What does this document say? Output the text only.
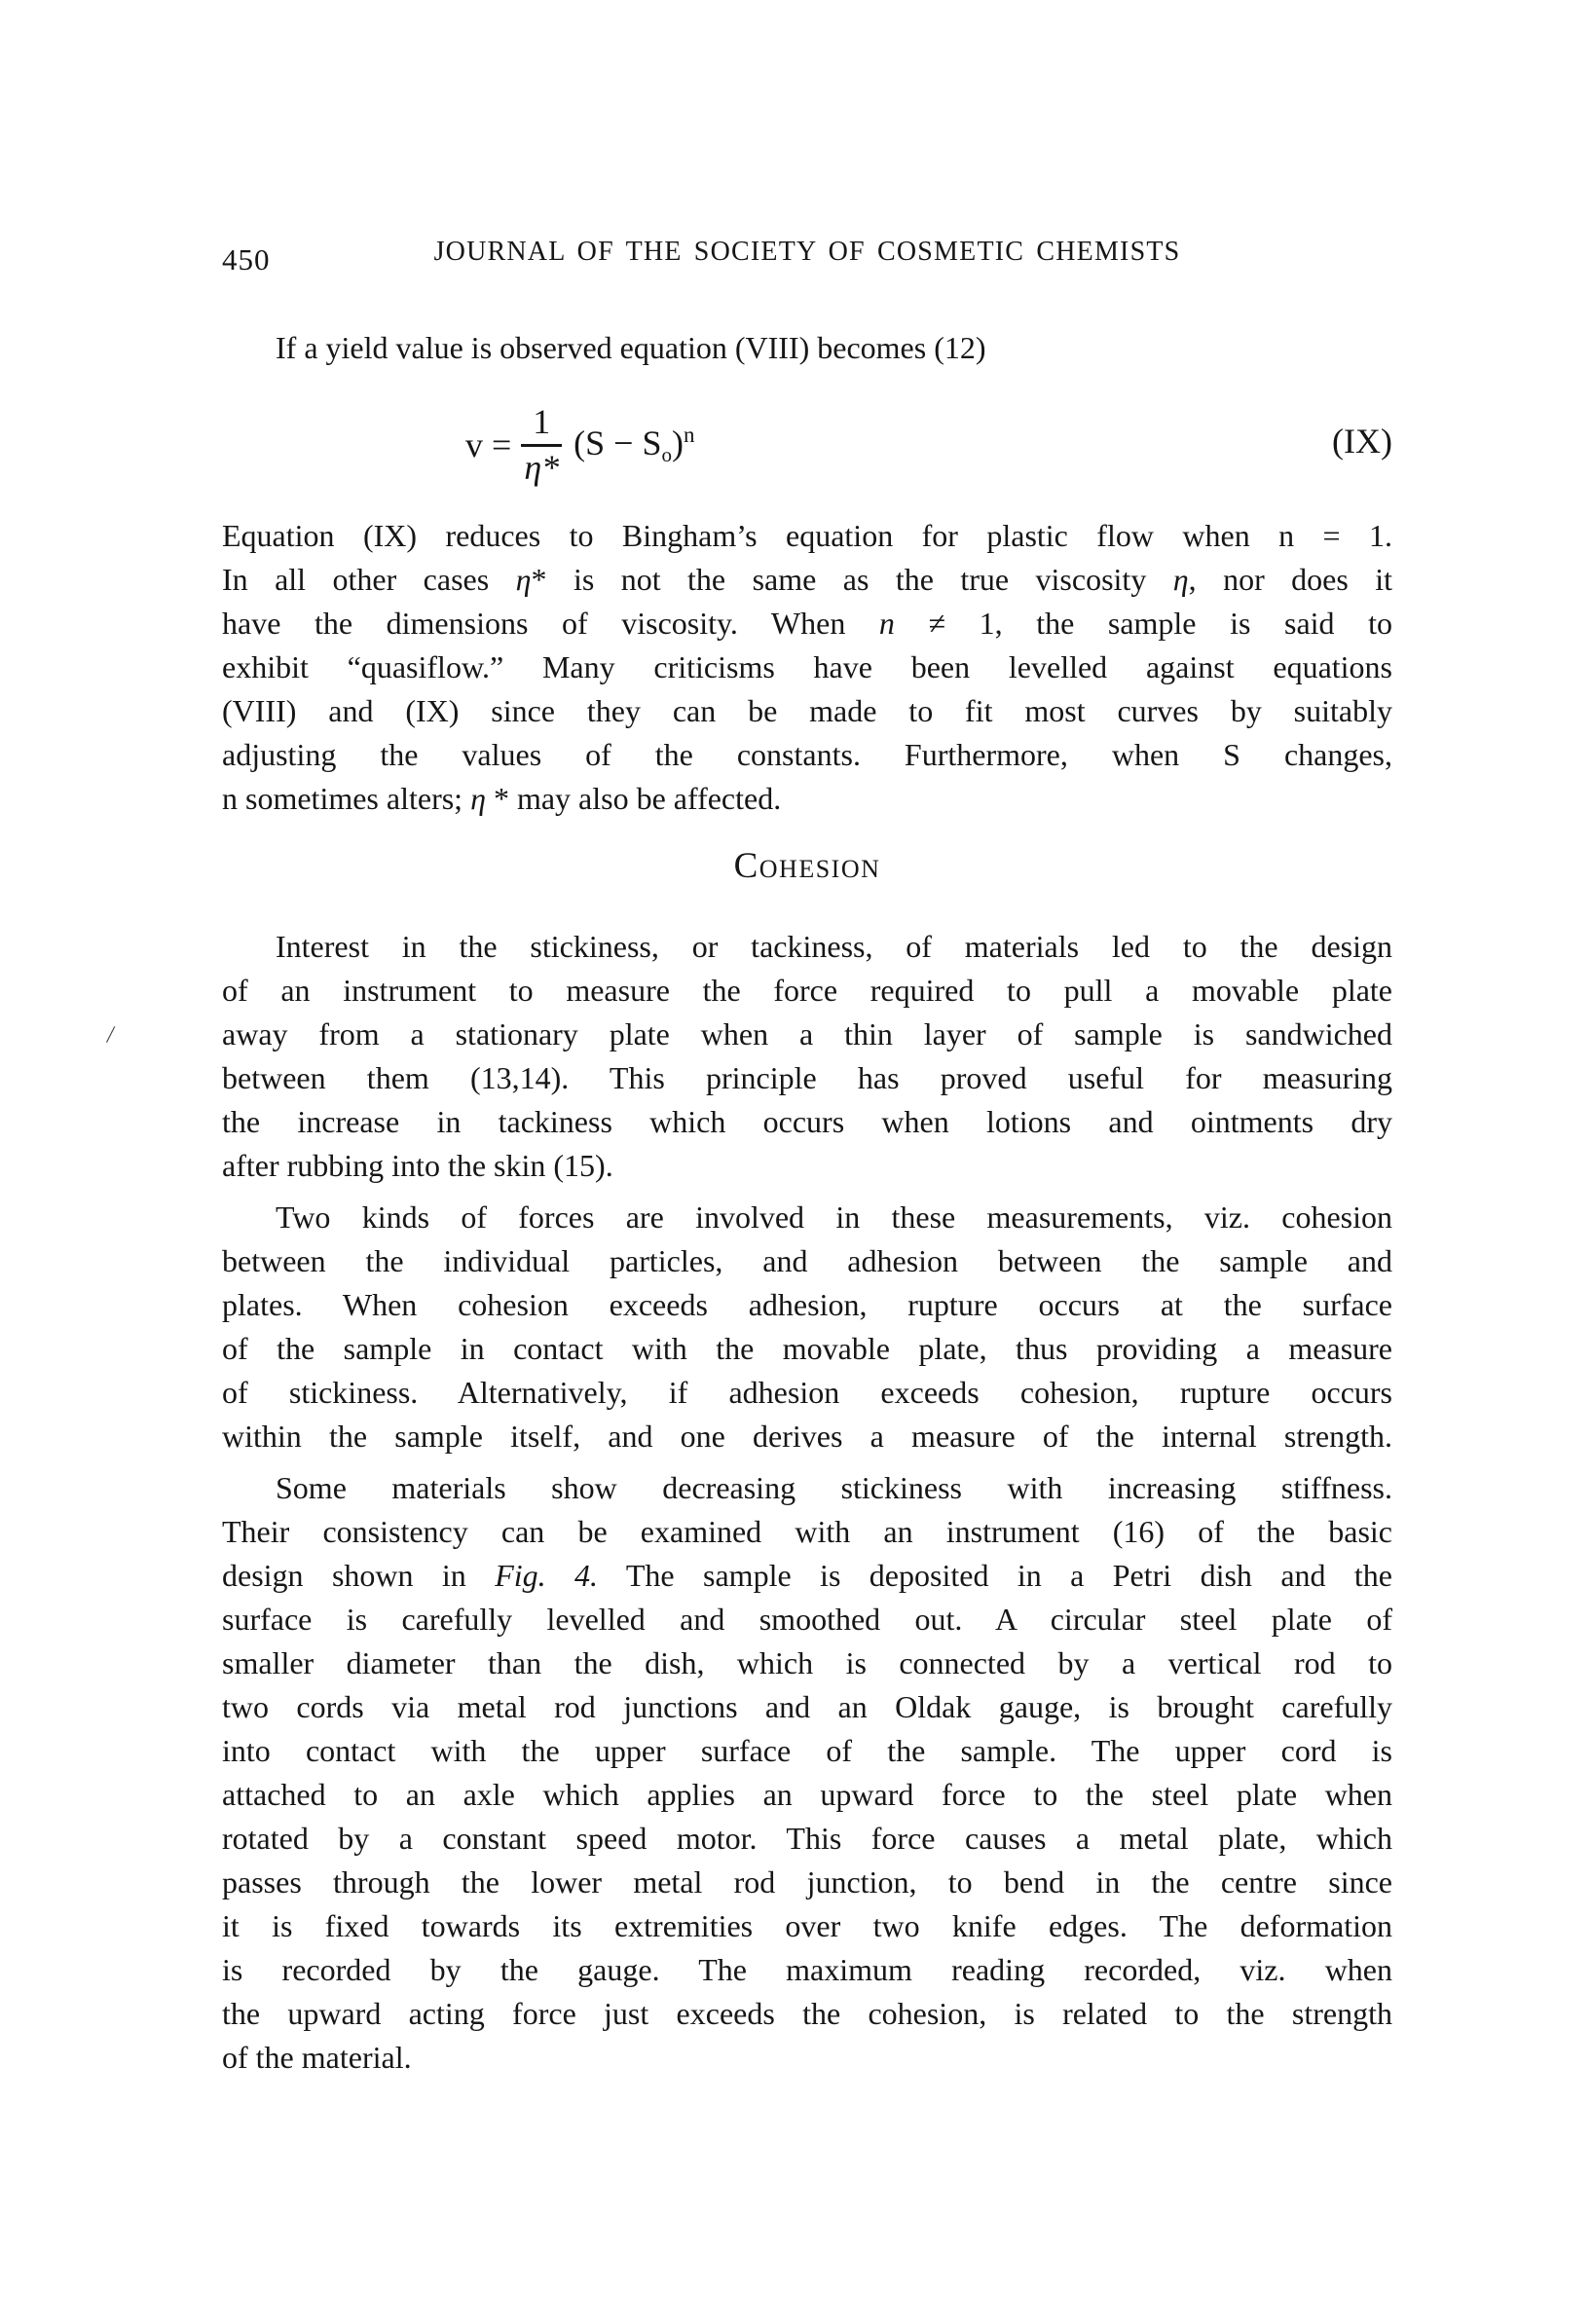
/
450	JOURNAL OF THE SOCIETY OF COSMETIC CHEMISTS
If a yield value is observed equation (VIII) becomes (12)
$v = \frac{1}{\eta*} (S - S_o)^n$	(IX)
Equation (IX) reduces to Bingham’s equation for plastic flow when n = 1.
In all other cases η* is not the same as the true viscosity η, nor does it
have the dimensions of viscosity. When n ≠ 1, the sample is said to
exhibit “quasiflow.” Many criticisms have been levelled against equations
(VIII) and (IX) since they can be made to fit most curves by suitably
adjusting the values of the constants. Furthermore, when S changes,
n sometimes alters; η * may also be affected.
Cohesion
Interest in the stickiness, or tackiness, of materials led to the design
of an instrument to measure the force required to pull a movable plate
away from a stationary plate when a thin layer of sample is sandwiched
between them (13,14). This principle has proved useful for measuring
the increase in tackiness which occurs when lotions and ointments dry
after rubbing into the skin (15).
Two kinds of forces are involved in these measurements, viz. cohesion
between the individual particles, and adhesion between the sample and
plates. When cohesion exceeds adhesion, rupture occurs at the surface
of the sample in contact with the movable plate, thus providing a measure
of stickiness. Alternatively, if adhesion exceeds cohesion, rupture occurs
within the sample itself, and one derives a measure of the internal strength.
Some materials show decreasing stickiness with increasing stiffness.
Their consistency can be examined with an instrument (16) of the basic
design shown in Fig. 4. The sample is deposited in a Petri dish and the
surface is carefully levelled and smoothed out. A circular steel plate of
smaller diameter than the dish, which is connected by a vertical rod to
two cords via metal rod junctions and an Oldak gauge, is brought carefully
into contact with the upper surface of the sample. The upper cord is
attached to an axle which applies an upward force to the steel plate when
rotated by a constant speed motor. This force causes a metal plate, which
passes through the lower metal rod junction, to bend in the centre since
it is fixed towards its extremities over two knife edges. The deformation
is recorded by the gauge. The maximum reading recorded, viz. when
the upward acting force just exceeds the cohesion, is related to the strength
of the material.
